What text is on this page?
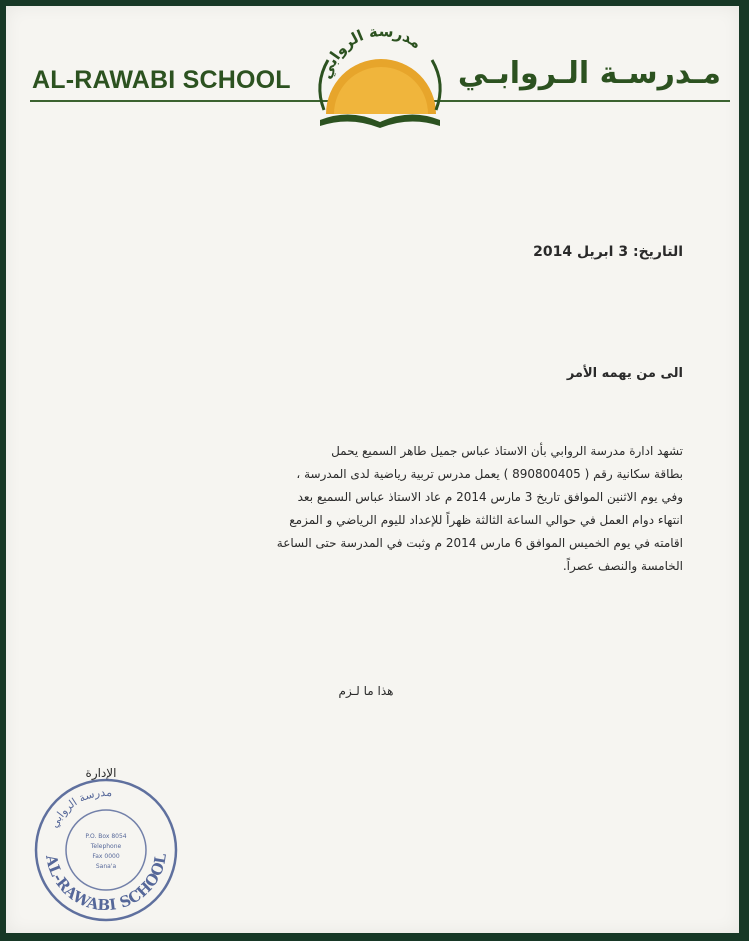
AL-RAWABI SCHOOL	مـدرسـة الـروابـي
مدرسة الروابي
التاريخ: 3 ابريل 2014
الى من يهمه الأمر
تشهد ادارة مدرسة الروابي بأن الاستاذ عباس جميل طاهر السميع يحمل
بطاقة سكانية رقم ( 890800405 ) يعمل مدرس تربية رياضية لدى المدرسة ،
وفي يوم الاثنين الموافق تاريخ 3 مارس 2014 م عاد الاستاذ عباس السميع بعد
انتهاء دوام العمل في حوالي الساعة الثالثة ظهراً للإعداد لليوم الرياضي و المزمع
اقامته في يوم الخميس الموافق 6 مارس 2014 م وثبت في المدرسة حتى الساعة
الخامسة والنصف عصراً.
هذا ما لـزم
الإدارة
مدرسة الروابي
AL-RAWABI SCHOOL
P.O. Box 8054
Telephone
Fax 0000
Sana'a
